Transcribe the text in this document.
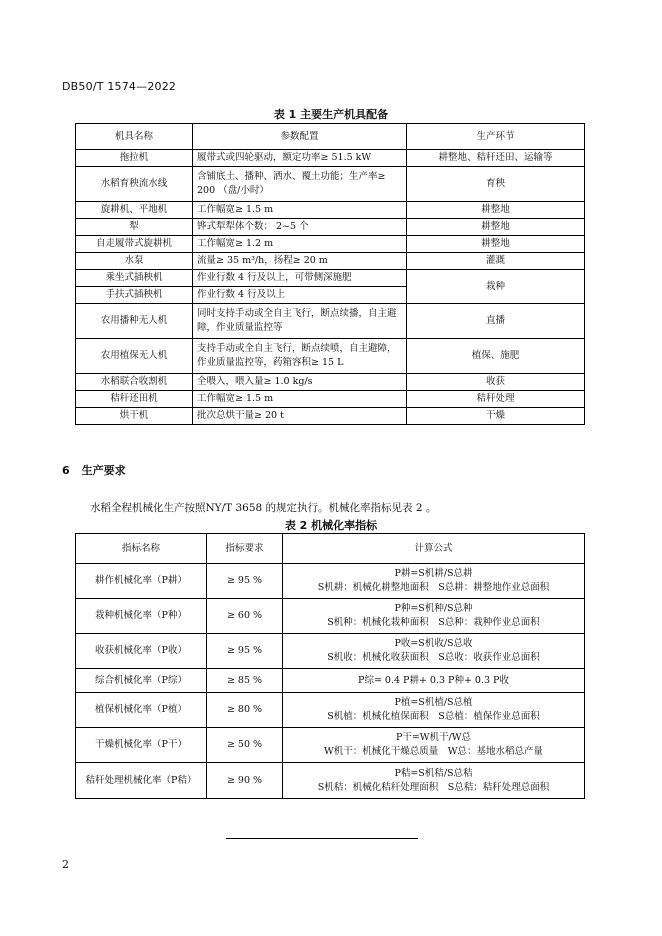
DB50/T 1574—2022
表 1 主要生产机具配备
机具名称	参数配置	生产环节
拖拉机	履带式或四轮驱动，额定功率≥ 51.5 kW	耕整地、秸秆还田、运输等
水稻育秧流水线	含铺底土、播种、洒水、覆土功能；生产率≥ 200 （盘/小时）	育秧
旋耕机、平地机	工作幅宽≥ 1.5 m	耕整地
犁	铧式犁犁体个数： 2~5 个	耕整地
自走履带式旋耕机	工作幅宽≥ 1.2 m	耕整地
水泵	流量≥ 35 m³/h，扬程≥ 20 m	灌溉
乘坐式插秧机	作业行数 4 行及以上，可带侧深施肥	栽种
手扶式插秧机	作业行数 4 行及以上	
农用播种无人机	同时支持手动或全自主飞行，断点续播，自主避障，作业质量监控等	直播
农用植保无人机	支持手动或全自主飞行，断点续喷，自主避障，作业质量监控等，药箱容积≥ 15 L	植保、施肥
水稻联合收割机	全喂入，喂入量≥ 1.0 kg/s	收获
秸秆还田机	工作幅宽≥ 1.5 m	秸秆处理
烘干机	批次总烘干量≥ 20 t	干燥
6 生产要求
水稻全程机械化生产按照NY/T 3658 的规定执行。机械化率指标见表 2 。
表 2 机械化率指标
指标名称	指标要求	计算公式
耕作机械化率（P耕）	≥ 95 %	P耕=S机耕/S总耕
S机耕：机械化耕整地面积　S总耕：耕整地作业总面积

栽种机械化率（P种）	≥ 60 %	P种=S机种/S总种
S机种：机械化栽种面积　S总种：栽种作业总面积

收获机械化率（P收）	≥ 95 %	P收=S机收/S总收
S机收：机械化收获面积　S总收：收获作业总面积

综合机械化率（P综）	≥ 85 %	P综= 0.4 P耕+ 0.3 P种+ 0.3 P收

植保机械化率（P植）	≥ 80 %	P植=S机植/S总植
S机植：机械化植保面积　S总植：植保作业总面积

干燥机械化率（P干）	≥ 50 %	P干=W机干/W总
W机干：机械化干燥总质量　W总：基地水稻总产量

秸秆处理机械化率（P秸）	≥ 90 %	P秸=S机秸/S总秸
S机秸：机械化秸秆处理面积　S总秸：秸秆处理总面积
2
